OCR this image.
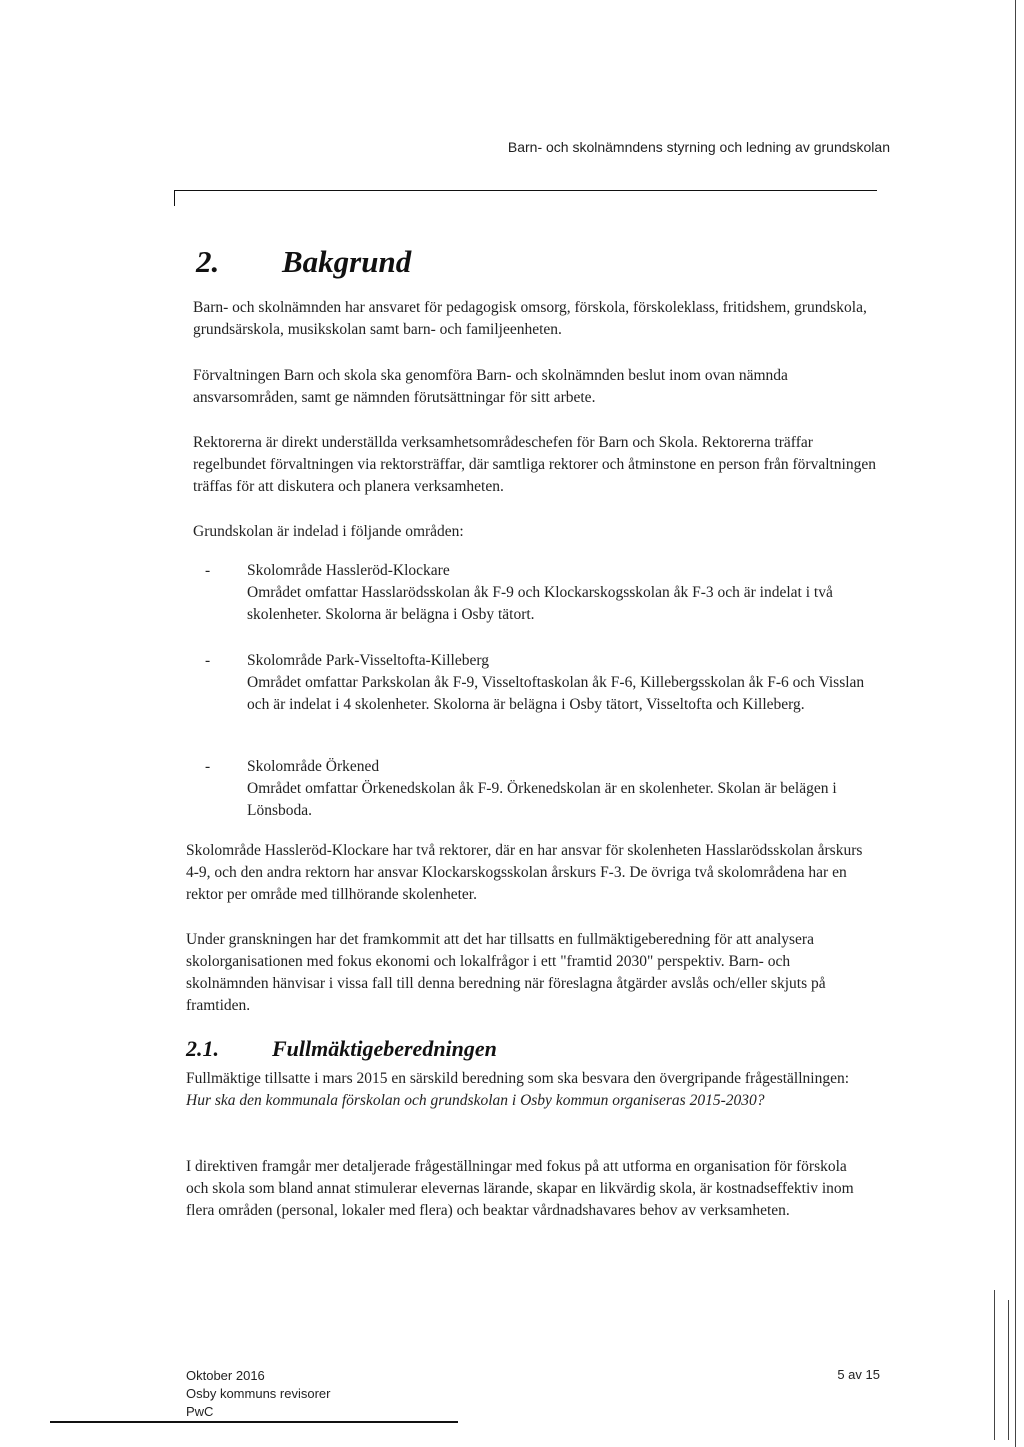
Barn- och skolnämndens styrning och ledning av grundskolan
2. Bakgrund
Barn- och skolnämnden har ansvaret för pedagogisk omsorg, förskola, förskoleklass, fritidshem, grundskola, grundsärskola, musikskolan samt barn- och familjeenheten.
Förvaltningen Barn och skola ska genomföra Barn- och skolnämnden beslut inom ovan nämnda ansvarsområden, samt ge nämnden förutsättningar för sitt arbete.
Rektorerna är direkt underställda verksamhetsområdeschefen för Barn och Skola. Rektorerna träffar regelbundet förvaltningen via rektorsträffar, där samtliga rektorer och åtminstone en person från förvaltningen träffas för att diskutera och planera verksamheten.
Grundskolan är indelad i följande områden:
- Skolområde Hassleröd-Klockare
Området omfattar Hasslarödsskolan åk F-9 och Klockarskogsskolan åk F-3 och är indelat i två skolenheter. Skolorna är belägna i Osby tätort.
- Skolområde Park-Visseltofta-Killeberg
Området omfattar Parkskolan åk F-9, Visseltoftaskolan åk F-6, Killebergsskolan åk F-6 och Visslan och är indelat i 4 skolenheter. Skolorna är belägna i Osby tätort, Visseltofta och Killeberg.
- Skolområde Örkened
Området omfattar Örkenedskolan åk F-9. Örkenedskolan är en skolenheter. Skolan är belägen i Lönsboda.
Skolområde Hassleröd-Klockare har två rektorer, där en har ansvar för skolenheten Hasslarödsskolan årskurs 4-9, och den andra rektorn har ansvar Klockarskogsskolan årskurs F-3. De övriga två skolområdena har en rektor per område med tillhörande skolenheter.
Under granskningen har det framkommit att det har tillsatts en fullmäktigeberedning för att analysera skolorganisationen med fokus ekonomi och lokalfrågor i ett "framtid 2030" perspektiv. Barn- och skolnämnden hänvisar i vissa fall till denna beredning när föreslagna åtgärder avslås och/eller skjuts på framtiden.
2.1. Fullmäktigeberedningen
Fullmäktige tillsatte i mars 2015 en särskild beredning som ska besvara den övergripande frågeställningen: Hur ska den kommunala förskolan och grundskolan i Osby kommun organiseras 2015-2030?
I direktiven framgår mer detaljerade frågeställningar med fokus på att utforma en organisation för förskola och skola som bland annat stimulerar elevernas lärande, skapar en likvärdig skola, är kostnadseffektiv inom flera områden (personal, lokaler med flera) och beaktar vårdnadshavares behov av verksamheten.
Oktober 2016
Osby kommuns revisorer
PwC
5 av 15
